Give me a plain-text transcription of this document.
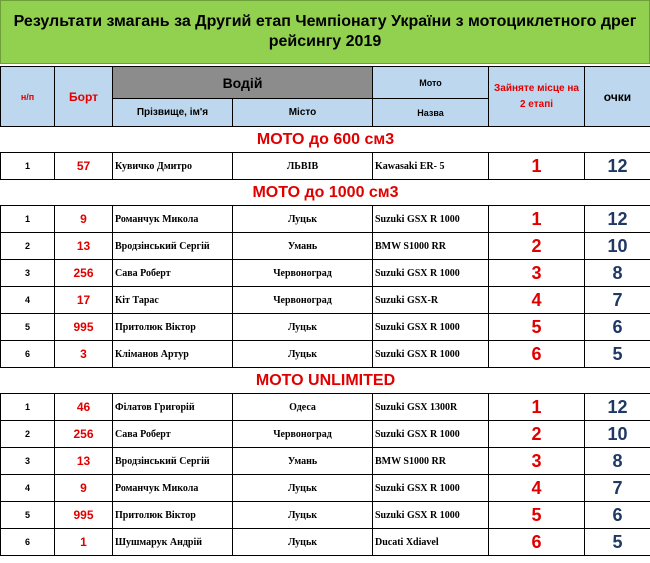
Результати змагань за Другий етап Чемпіонату України з мотоциклетного дрег рейсингу 2019
н/п	Борт	Водій		Мото	Зайняте місце на 2 етапі	очки
		Прізвище, ім'я	Місто	Назва		
МОТО до 600 см3						
1	57	Кувичко Дмитро	ЛЬВІВ	Kawasaki ER- 5	1	12
МОТО до 1000 см3						
1	9	Романчук Микола	Луцьк	Suzuki GSX R 1000	1	12
2	13	Вродзінський Сергій	Умань	BMW S1000 RR	2	10
3	256	Сава Роберт	Червоноград	Suzuki GSX R 1000	3	8
4	17	Кіт Тарас	Червоноград	Suzuki GSX-R	4	7
5	995	Притолюк Віктор	Луцьк	Suzuki GSX R 1000	5	6
6	3	Кліманов Артур	Луцьк	Suzuki GSX R 1000	6	5
MOTO UNLIMITED						
1	46	Філатов Григорій	Одеса	Suzuki GSX 1300R	1	12
2	256	Сава Роберт	Червоноград	Suzuki GSX R 1000	2	10
3	13	Вродзінський Сергій	Умань	BMW S1000 RR	3	8
4	9	Романчук Микола	Луцьк	Suzuki GSX R 1000	4	7
5	995	Притолюк Віктор	Луцьк	Suzuki GSX R 1000	5	6
6	1	Шушмарук Андрій	Луцьк	Ducati Xdiavel	6	5
